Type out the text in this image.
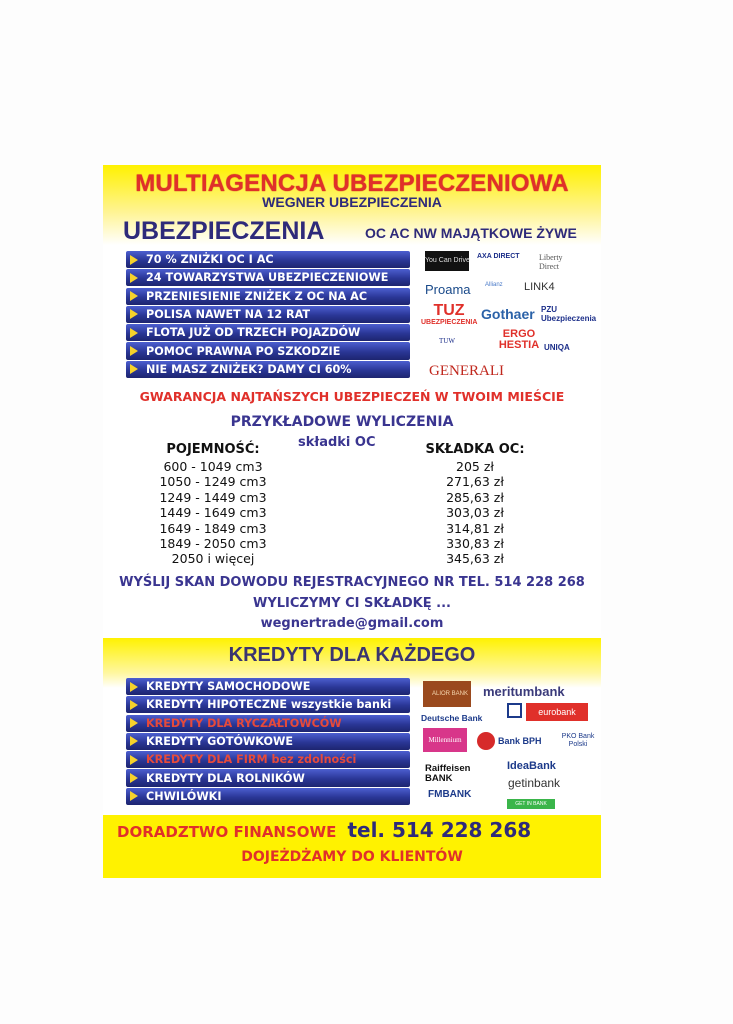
MULTIAGENCJA UBEZPIECZENIOWA
WEGNER UBEZPIECZENIA
UBEZPIECZENIA	OC AC NW MAJĄTKOWE ŻYWE
70 % ZNIŻKI OC I AC
24 TOWARZYSTWA UBEZPIECZENIOWE
PRZENIESIENIE ZNIŻEK Z OC NA AC
POLISA NAWET NA 12 RAT
FLOTA JUŻ OD TRZECH POJAZDÓW
POMOC PRAWNA PO SZKODZIE
NIE MASZ ZNIŻEK? DAMY CI 60%
You Can Drive
AXA DIRECT Liberty Direct
Proama Allianz LINK4
TUZ UBEZPIECZENIA
Gothaer PZU Ubezpieczenia
TUW
ERGO HESTIA UNIQA
GENERALI
GWARANCJA NAJTAŃSZYCH UBEZPIECZEŃ W TWOIM MIEŚCIE
PRZYKŁADOWE WYLICZENIA
składki OC
POJEMNOŚĆ:	SKŁADKA OC:
600 - 1049 cm3	205 zł
1050 - 1249 cm3	271,63 zł
1249 - 1449 cm3	285,63 zł
1449 - 1649 cm3	303,03 zł
1649 - 1849 cm3	314,81 zł
1849 - 2050 cm3	330,83 zł
2050 i więcej	345,63 zł
WYŚLIJ SKAN DOWODU REJESTRACYJNEGO NR TEL. 514 228 268
WYLICZYMY CI SKŁADKĘ ...
wegnertrade@gmail.com
KREDYTY DLA KAŻDEGO
KREDYTY SAMOCHODOWE
KREDYTY HIPOTECZNE wszystkie banki
KREDYTY DLA RYCZAŁTOWCÓW
KREDYTY GOTÓWKOWE
KREDYTY DLA FIRM bez zdolności
KREDYTY DLA ROLNIKÓW
CHWILÓWKI
ALIOR BANK meritumbank
Deutsche Bank
eurobank
Millennium	Bank BPH	PKO Bank Polski
Raiffeisen BANK
IdeaBank
getinbank
FMBANK
GET IN BANK
DORADZTWO FINANSOWE tel. 514 228 268
DOJEŻDŻAMY DO KLIENTÓW
